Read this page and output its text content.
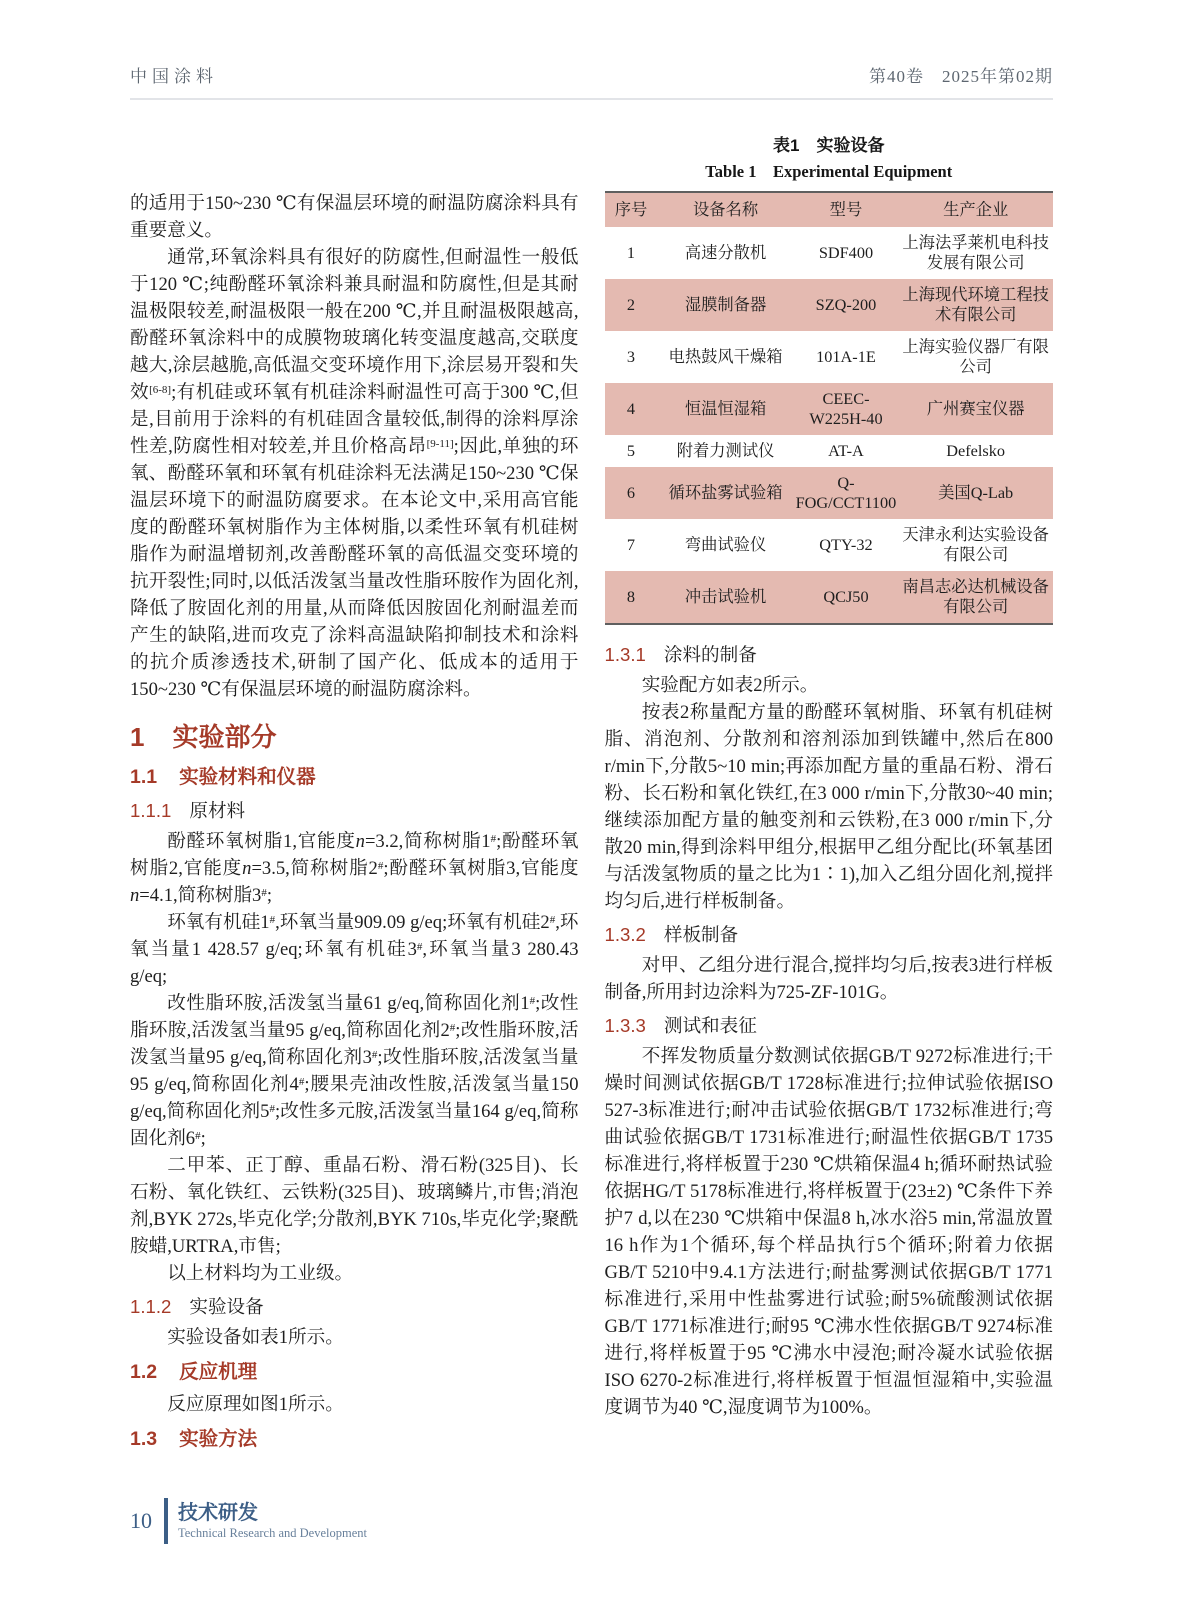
中国涂料	第40卷　2025年第02期

的适用于150~230 ℃有保温层环境的耐温防腐涂料具有重要意义。

通常,环氧涂料具有很好的防腐性,但耐温性一般低于120 ℃;纯酚醛环氧涂料兼具耐温和防腐性,但是其耐温极限较差,耐温极限一般在200 ℃,并且耐温极限越高,酚醛环氧涂料中的成膜物玻璃化转变温度越高,交联度越大,涂层越脆,高低温交变环境作用下,涂层易开裂和失效[6-8];有机硅或环氧有机硅涂料耐温性可高于300 ℃,但是,目前用于涂料的有机硅固含量较低,制得的涂料厚涂性差,防腐性相对较差,并且价格高昂[9-11];因此,单独的环氧、酚醛环氧和环氧有机硅涂料无法满足150~230 ℃保温层环境下的耐温防腐要求。在本论文中,采用高官能度的酚醛环氧树脂作为主体树脂,以柔性环氧有机硅树脂作为耐温增韧剂,改善酚醛环氧的高低温交变环境的抗开裂性;同时,以低活泼氢当量改性脂环胺作为固化剂,降低了胺固化剂的用量,从而降低因胺固化剂耐温差而产生的缺陷,进而攻克了涂料高温缺陷抑制技术和涂料的抗介质渗透技术,研制了国产化、低成本的适用于150~230 ℃有保温层环境的耐温防腐涂料。

1 实验部分
1.1 实验材料和仪器
1.1.1 原材料

酚醛环氧树脂1,官能度n=3.2,简称树脂1#;酚醛环氧树脂2,官能度n=3.5,简称树脂2#;酚醛环氧树脂3,官能度n=4.1,简称树脂3#;

环氧有机硅1#,环氧当量909.09 g/eq;环氧有机硅2#,环氧当量1 428.57 g/eq;环氧有机硅3#,环氧当量3 280.43 g/eq;

改性脂环胺,活泼氢当量61 g/eq,简称固化剂1#;改性脂环胺,活泼氢当量95 g/eq,简称固化剂2#;改性脂环胺,活泼氢当量95 g/eq,简称固化剂3#;改性脂环胺,活泼氢当量95 g/eq,简称固化剂4#;腰果壳油改性胺,活泼氢当量150 g/eq,简称固化剂5#;改性多元胺,活泼氢当量164 g/eq,简称固化剂6#;

二甲苯、正丁醇、重晶石粉、滑石粉(325目)、长石粉、氧化铁红、云铁粉(325目)、玻璃鳞片,市售;消泡剂,BYK 272s,毕克化学;分散剂,BYK 710s,毕克化学;聚酰胺蜡,URTRA,市售;

以上材料均为工业级。

1.1.2 实验设备

实验设备如表1所示。

1.2 反应机理

反应原理如图1所示。

1.3 实验方法

表1　实验设备

Table 1　Experimental Equipment

序号	设备名称	型号	生产企业
1	高速分散机	SDF400	上海法孚莱机电科技发展有限公司
2	湿膜制备器	SZQ-200	上海现代环境工程技术有限公司
3	电热鼓风干燥箱	101A-1E	上海实验仪器厂有限公司
4	恒温恒湿箱	CEEC-W225H-40	广州赛宝仪器
5	附着力测试仪	AT-A	Defelsko
6	循环盐雾试验箱	Q-FOG/CCT1100	美国Q-Lab
7	弯曲试验仪	QTY-32	天津永利达实验设备有限公司
8	冲击试验机	QCJ50	南昌志必达机械设备有限公司
1.3.1 涂料的制备

实验配方如表2所示。

按表2称量配方量的酚醛环氧树脂、环氧有机硅树脂、消泡剂、分散剂和溶剂添加到铁罐中,然后在800 r/min下,分散5~10 min;再添加配方量的重晶石粉、滑石粉、长石粉和氧化铁红,在3 000 r/min下,分散30~40 min;继续添加配方量的触变剂和云铁粉,在3 000 r/min下,分散20 min,得到涂料甲组分,根据甲乙组分配比(环氧基团与活泼氢物质的量之比为1∶1),加入乙组分固化剂,搅拌均匀后,进行样板制备。

1.3.2 样板制备

对甲、乙组分进行混合,搅拌均匀后,按表3进行样板制备,所用封边涂料为725-ZF-101G。

1.3.3 测试和表征

不挥发物质量分数测试依据GB/T 9272标准进行;干燥时间测试依据GB/T 1728标准进行;拉伸试验依据ISO 527-3标准进行;耐冲击试验依据GB/T 1732标准进行;弯曲试验依据GB/T 1731标准进行;耐温性依据GB/T 1735标准进行,将样板置于230 ℃烘箱保温4 h;循环耐热试验依据HG/T 5178标准进行,将样板置于(23±2) ℃条件下养护7 d,以在230 ℃烘箱中保温8 h,冰水浴5 min,常温放置16 h作为1个循环,每个样品执行5个循环;附着力依据GB/T 5210中9.4.1方法进行;耐盐雾测试依据GB/T 1771标准进行,采用中性盐雾进行试验;耐5%硫酸测试依据GB/T 1771标准进行;耐95 ℃沸水性依据GB/T 9274标准进行,将样板置于95 ℃沸水中浸泡;耐冷凝水试验依据ISO 6270-2标准进行,将样板置于恒温恒湿箱中,实验温度调节为40 ℃,湿度调节为100%。

10 技术研发
Technical Research and Development
